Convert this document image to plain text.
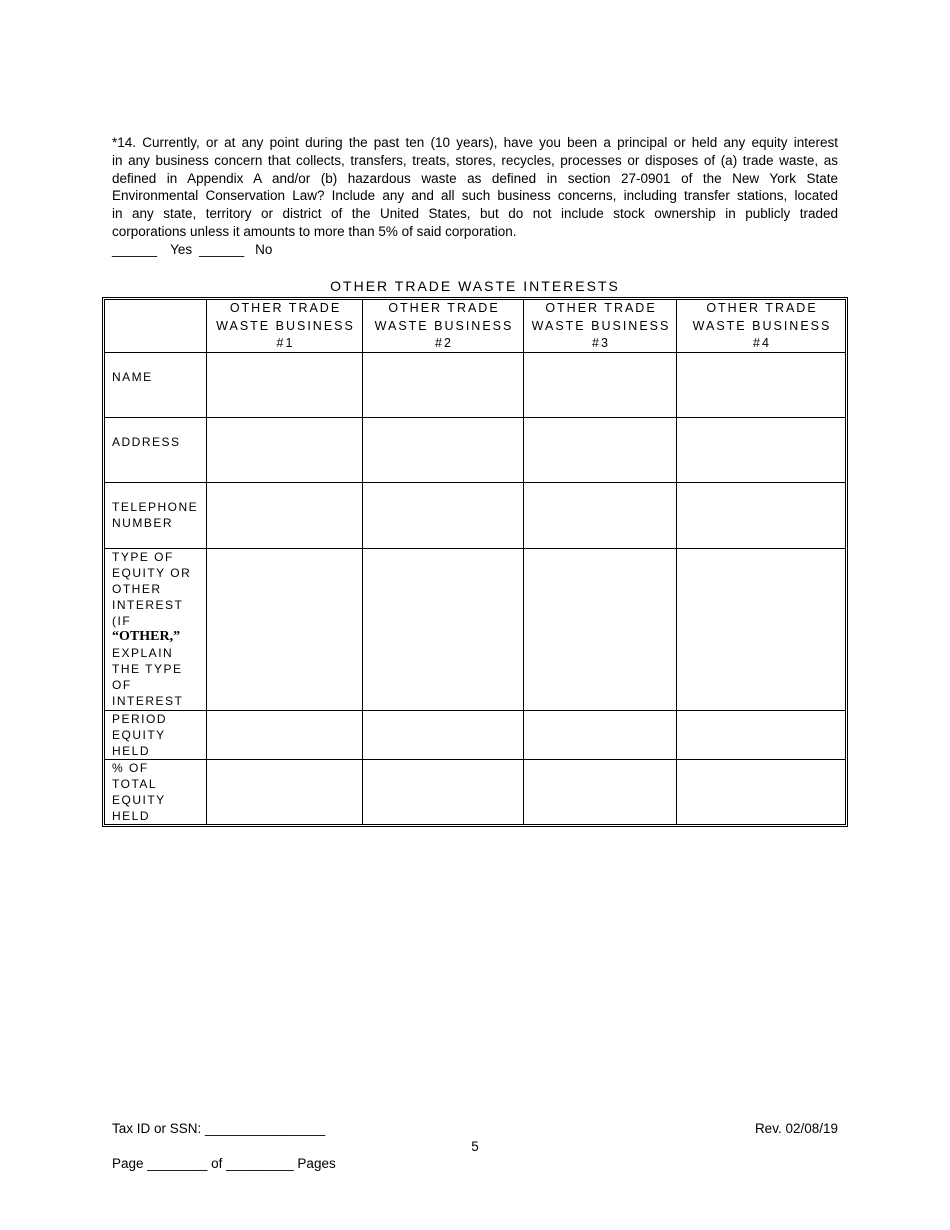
*14. Currently, or at any point during the past ten (10 years), have you been a principal or held any equity interest
in any business concern that collects, transfers, treats, stores, recycles, processes or disposes of (a) trade waste, as
defined in Appendix A and/or (b) hazardous waste as defined in section 27-0901 of the New York State
Environmental Conservation Law? Include any and all such business concerns, including transfer stations, located
in any state, territory or district of the United States, but do not include stock ownership in publicly traded
corporations unless it amounts to more than 5% of said corporation.
______ Yes ______ No
OTHER TRADE WASTE INTERESTS
OTHER TRADE WASTE BUSINESS
#1
OTHER TRADE WASTE BUSINESS
#2
OTHER TRADE WASTE BUSINESS
#3
OTHER TRADE WASTE BUSINESS
#4
NAME
ADDRESS
TELEPHONE
NUMBER
TYPE OF
EQUITY OR
OTHER
INTEREST
(IF
“OTHER,”
EXPLAIN
THE TYPE
OF
INTEREST
PERIOD
EQUITY
HELD
% OF
TOTAL
EQUITY
HELD
Tax ID or SSN: ________________	Rev. 02/08/19
5
Page ________ of _________ Pages
